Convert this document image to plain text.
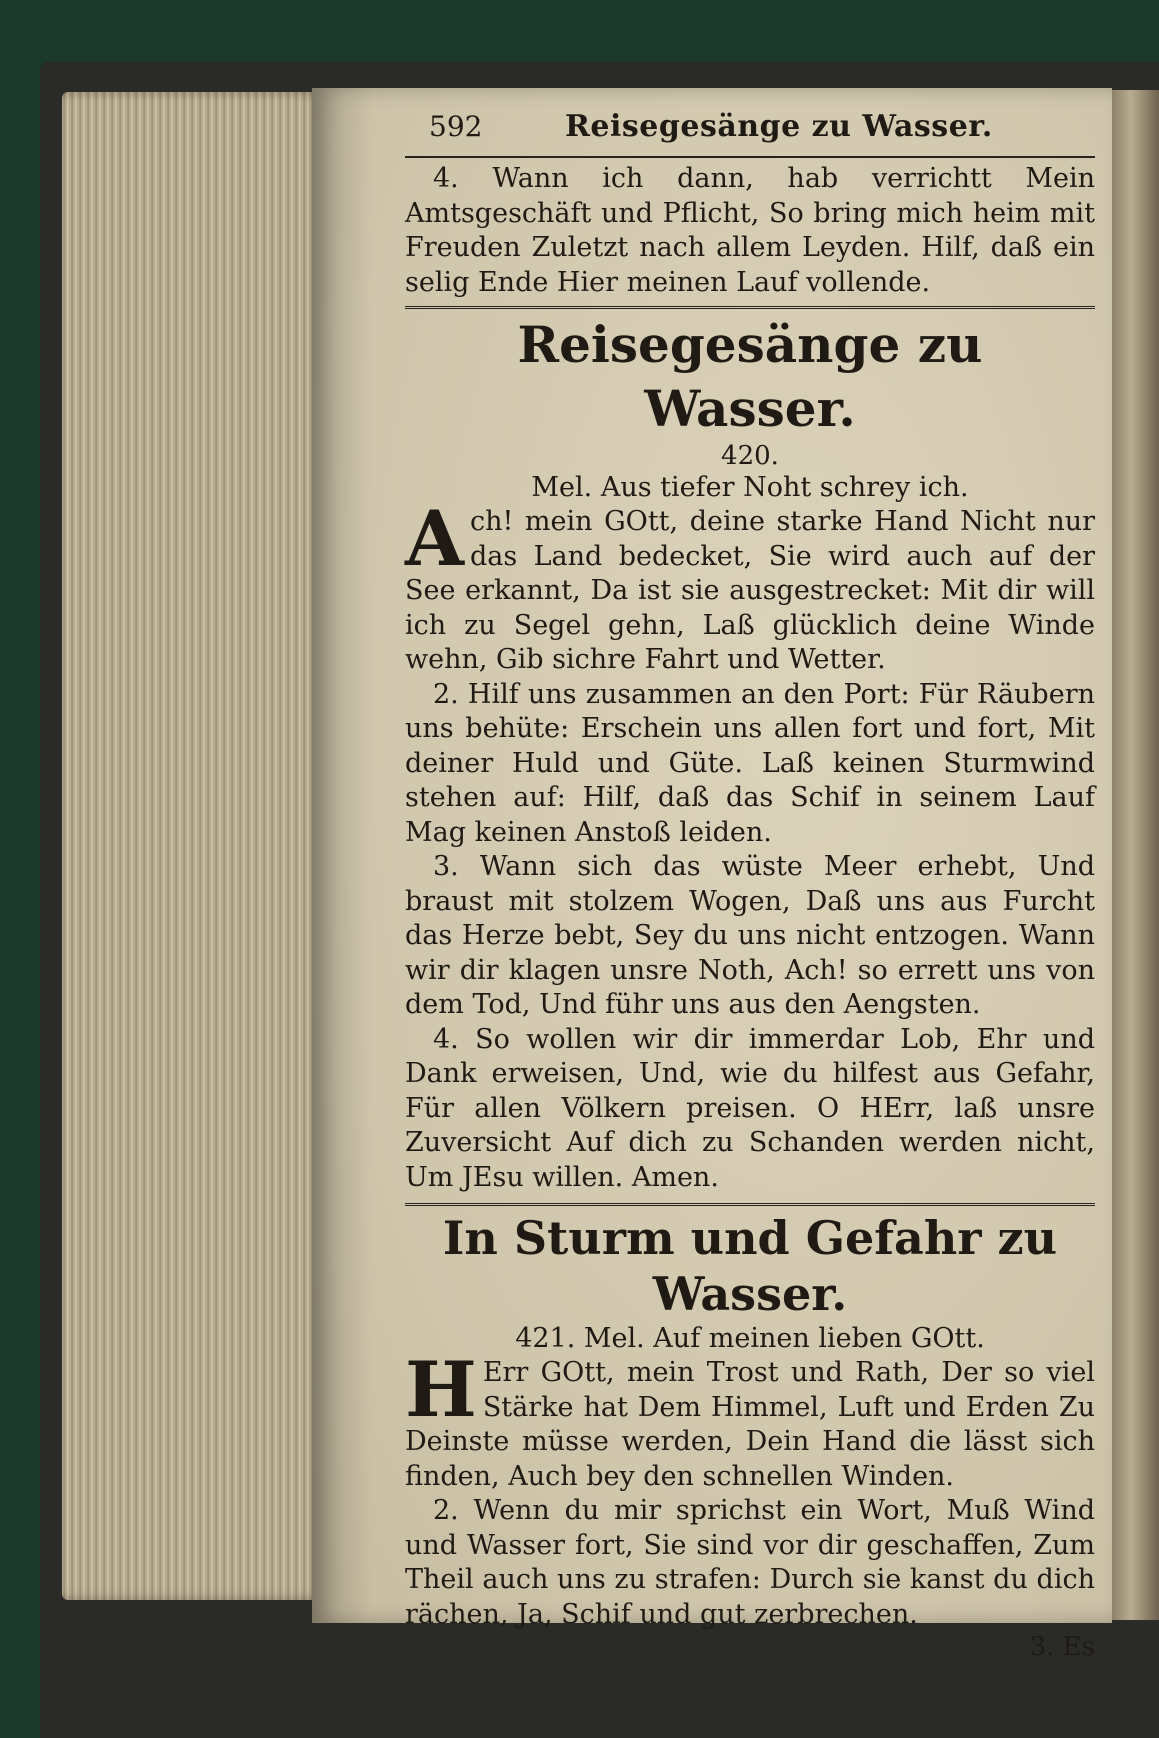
592	Reisegesänge zu Wasser.

4. Wann ich dann, hab verrichtt Mein Amtsgeschäft und Pflicht, So bring mich heim mit Freuden Zuletzt nach allem Leyden. Hilf, daß ein selig Ende Hier meinen Lauf vollende.

Reisegesänge zu Wasser.
420.
Mel. Aus tiefer Noht schrey ich.

A ch! mein GOtt, deine starke Hand Nicht nur das Land bedecket, Sie wird auch auf der See erkannt, Da ist sie ausgestrecket: Mit dir will ich zu Segel gehn, Laß glücklich deine Winde wehn, Gib sichre Fahrt und Wetter.

2. Hilf uns zusammen an den Port: Für Räubern uns behüte: Erschein uns allen fort und fort, Mit deiner Huld und Güte. Laß keinen Sturmwind stehen auf: Hilf, daß das Schif in seinem Lauf Mag keinen Anstoß leiden.

3. Wann sich das wüste Meer erhebt, Und braust mit stolzem Wogen, Daß uns aus Furcht das Herze bebt, Sey du uns nicht entzogen. Wann wir dir klagen unsre Noth, Ach! so errett uns von dem Tod, Und führ uns aus den Aengsten.

4. So wollen wir dir immerdar Lob, Ehr und Dank erweisen, Und, wie du hilfest aus Gefahr, Für allen Völkern preisen. O HErr, laß unsre Zuversicht Auf dich zu Schanden werden nicht, Um JEsu willen. Amen.

In Sturm und Gefahr zu Wasser.
421. Mel. Auf meinen lieben GOtt.

H Err GOtt, mein Trost und Rath, Der so viel Stärke hat Dem Himmel, Luft und Erden Zu Deinste müsse werden, Dein Hand die lässt sich finden, Auch bey den schnellen Winden.

2. Wenn du mir sprichst ein Wort, Muß Wind und Wasser fort, Sie sind vor dir geschaffen, Zum Theil auch uns zu strafen: Durch sie kanst du dich rächen, Ja, Schif und gut zerbrechen.

3. Es
